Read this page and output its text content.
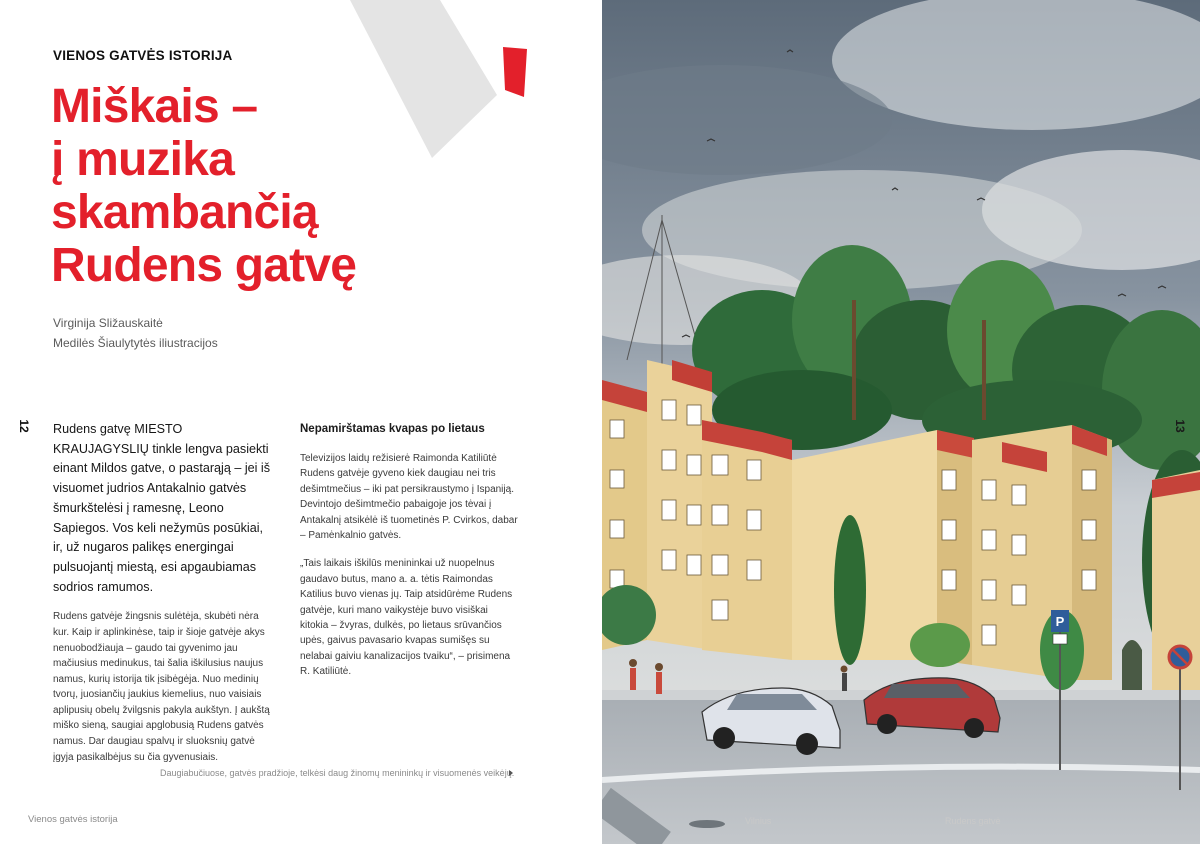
VIENOS GATVĖS ISTORIJA
Miškais –
į muzika
skambančią
Rudens gatvę
Virginija Sližauskaitė
Medilės Šiaulytytės iliustracijos
12	Rudens gatvę MIESTO KRAUJAGYSLIŲ tinkle lengva pasiekti einant Mildos gatve, o pastarąją – jei iš visuomet judrios Antakalnio gatvės šmurkštelėsi į ramesnę, Leono Sapiegos. Vos keli nežymūs posūkiai, ir, už nugaros palikęs energingai pulsuojantį miestą, esi apgaubiamas sodrios ramumos.

Rudens gatvėje žingsnis sulėtėja, skubėti nėra kur. Kaip ir aplinkinėse, taip ir šioje gatvėje akys nenuobodžiauja – gaudo tai gyvenimo jau mačiusius medinukus, tai šalia iškilusius naujus namus, kurių istorija tik įsibėgėja. Nuo medinių tvorų, juosiančių jaukius kiemelius, nuo vaisiais aplipusių obelų žvilgsnis pakyla aukštyn. Į aukštą miško sieną, saugiai apglobusią Rudens gatvės namus. Dar daugiau spalvų ir sluoksnių gatvė įgyja pasikalbėjus su čia gyvenusiais.

Nepamirštamas kvapas po lietaus

Televizijos laidų režisierė Raimonda Katiliūtė Rudens gatvėje gyveno kiek daugiau nei tris dešimtmečius – iki pat persikraustymo į Ispaniją. Devintojo dešimtmečio pabaigoje jos tėvai į Antakalnį atsikėlė iš tuometinės P. Cvirkos, dabar – Pamėnkalnio gatvės.

„Tais laikais iškilūs menininkai už nuopelnus gaudavo butus, mano a. a. tėtis Raimondas Katilius buvo vienas jų. Taip atsidūrėme Rudens gatvėje, kuri mano vaikystėje buvo visiškai kitokia – žvyras, dulkės, po lietaus srūvančios upės, gaivus pavasario kvapas sumišęs su nelabai gaiviu kanalizacijos tvaiku“, – prisimena R. Katiliūtė.

Daugiabučiuose, gatvės pradžioje, telkėsi daug žinomų menininkų ir visuomenės veikėjų.
Vienos gatvės istorija
P
13
Vilnius	Rudens gatvė
